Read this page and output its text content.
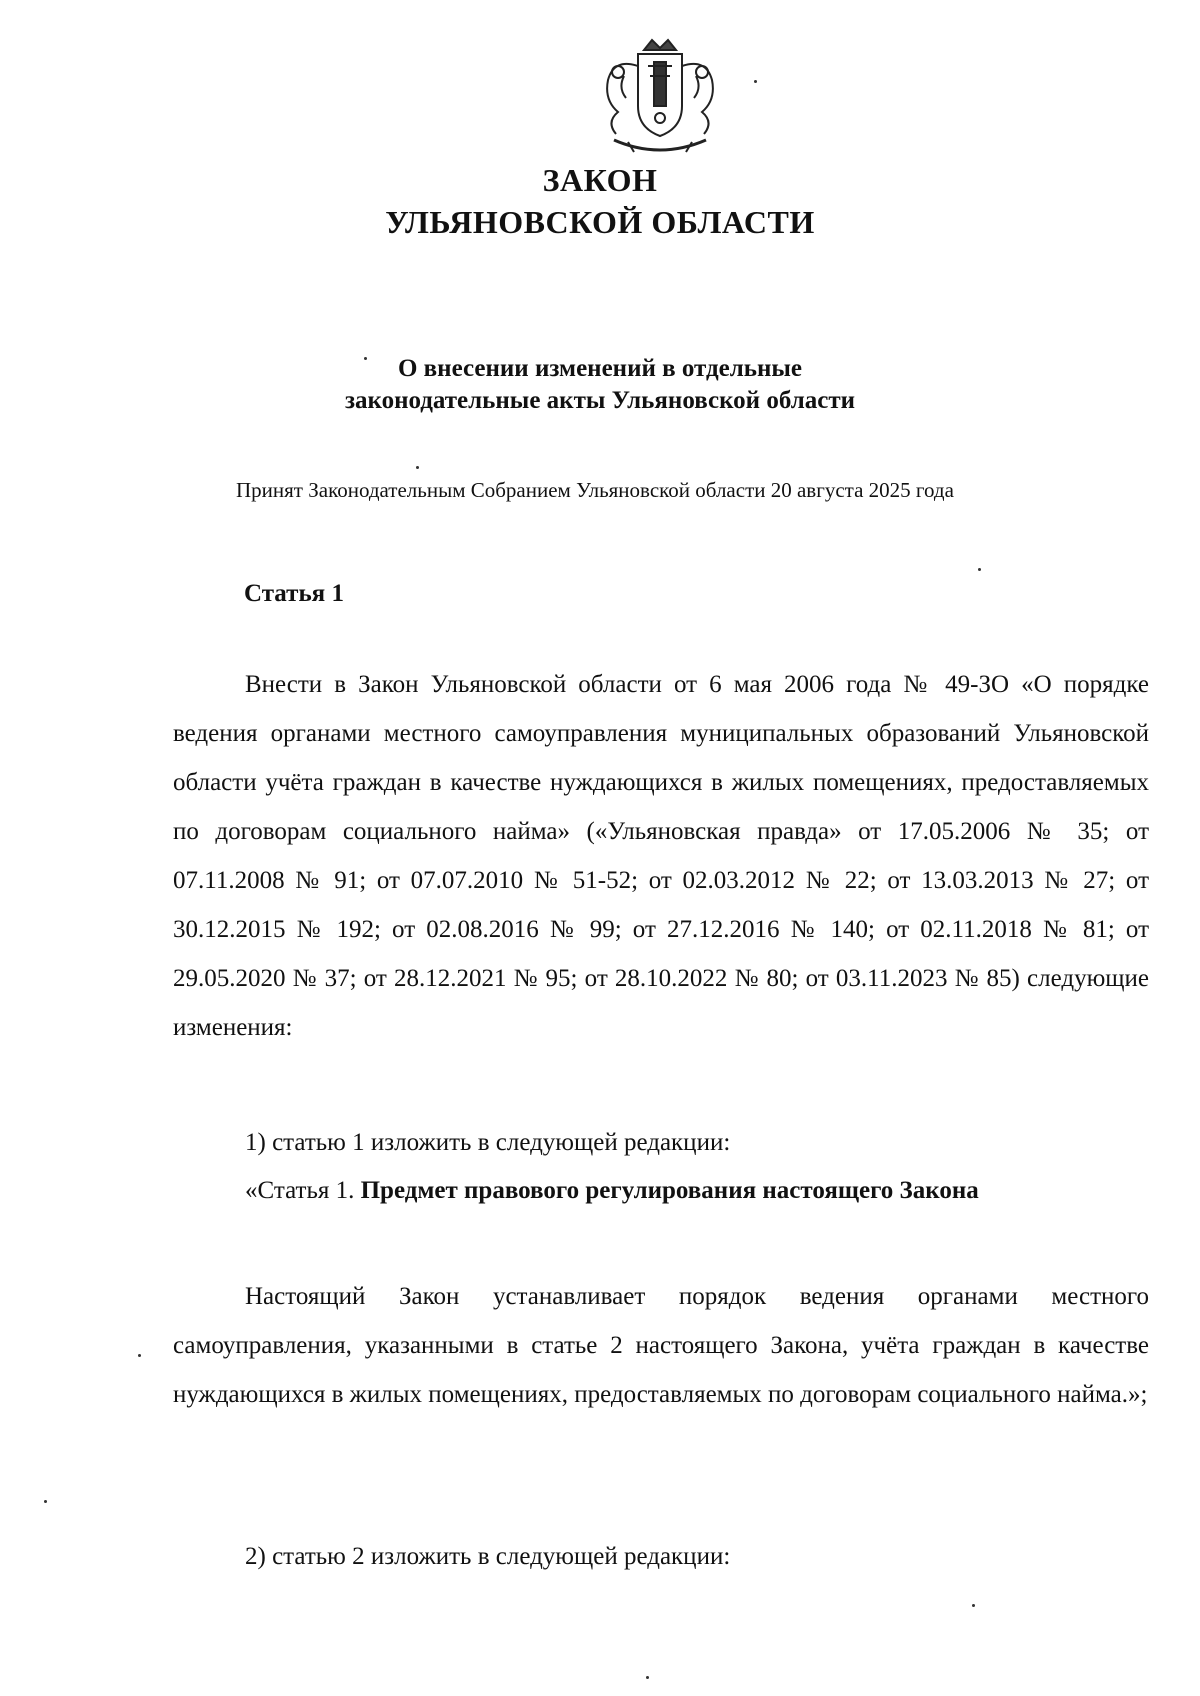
ЗАКОН
УЛЬЯНОВСКОЙ ОБЛАСТИ
О внесении изменений в отдельные
законодательные акты Ульяновской области
Принят Законодательным Собранием Ульяновской области 20 августа 2025 года
Статья 1

Внести в Закон Ульяновской области от 6 мая 2006 года № 49-ЗО «О порядке ведения органами местного самоуправления муниципальных образований Ульяновской области учёта граждан в качестве нуждающихся в жилых помещениях, предоставляемых по договорам социального найма» («Ульяновская правда» от 17.05.2006 № 35; от 07.11.2008 № 91; от 07.07.2010 № 51-52; от 02.03.2012 № 22; от 13.03.2013 № 27; от 30.12.2015 № 192; от 02.08.2016 № 99; от 27.12.2016 № 140; от 02.11.2018 № 81; от 29.05.2020 № 37; от 28.12.2021 № 95; от 28.10.2022 № 80; от 03.11.2023 № 85) следующие изменения:

1) статью 1 изложить в следующей редакции:
«Статья 1. Предмет правового регулирования настоящего Закона

Настоящий Закон устанавливает порядок ведения органами местного самоуправления, указанными в статье 2 настоящего Закона, учёта граждан в качестве нуждающихся в жилых помещениях, предоставляемых по договорам социального найма.»;

2) статью 2 изложить в следующей редакции:
